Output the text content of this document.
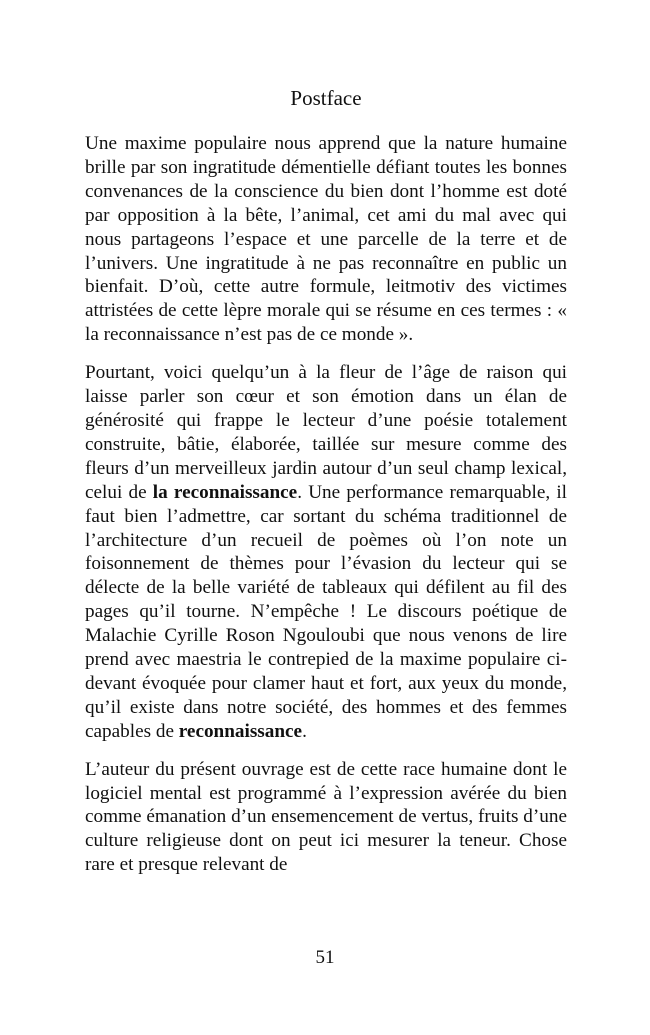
Postface

Une maxime populaire nous apprend que la nature humaine brille par son ingratitude démentielle défiant toutes les bonnes convenances de la conscience du bien dont l’homme est doté par opposition à la bête, l’animal, cet ami du mal avec qui nous partageons l’espace et une parcelle de la terre et de l’univers. Une ingratitude à ne pas reconnaître en public un bienfait. D’où, cette autre formule, leitmotiv des victimes attristées de cette lèpre morale qui se résume en ces termes : « la reconnaissance n’est pas de ce monde ».

Pourtant, voici quelqu’un à la fleur de l’âge de raison qui laisse parler son cœur et son émotion dans un élan de générosité qui frappe le lecteur d’une poésie totalement construite, bâtie, élaborée, taillée sur mesure comme des fleurs d’un merveilleux jardin autour d’un seul champ lexical, celui de la reconnaissance. Une performance remarquable, il faut bien l’admettre, car sortant du schéma traditionnel de l’architecture d’un recueil de poèmes où l’on note un foisonnement de thèmes pour l’évasion du lecteur qui se délecte de la belle variété de tableaux qui défilent au fil des pages qu’il tourne. N’empêche ! Le discours poétique de Malachie Cyrille Roson Ngouloubi que nous venons de lire prend avec maestria le contrepied de la maxime populaire ci-devant évoquée pour clamer haut et fort, aux yeux du monde, qu’il existe dans notre société, des hommes et des femmes capables de reconnaissance.

L’auteur du présent ouvrage est de cette race humaine dont le logiciel mental est programmé à l’expression avérée du bien comme émanation d’un ensemencement de vertus, fruits d’une culture religieuse dont on peut ici mesurer la teneur. Chose rare et presque relevant de

51
